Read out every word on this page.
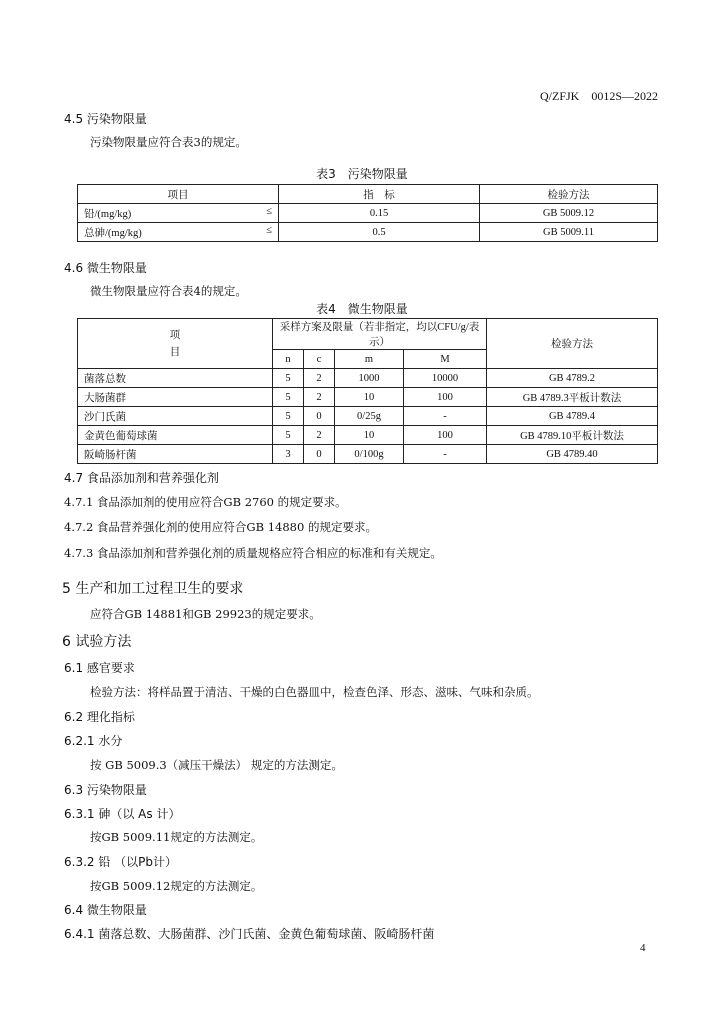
Q/ZFJK　0012S—2022
4.5 污染物限量
污染物限量应符合表3的规定。
表3　污染物限量
项目	指　标	检验方法
铅/(mg/kg) ≤	0.15	GB 5009.12
总砷/(mg/kg) ≤	0.5	GB 5009.11
4.6 微生物限量
微生物限量应符合表4的规定。
表4　微生物限量
项
目	采样方案及限量（若非指定，均以CFU/g/表示）				检验方法
	n	c	m	M	
菌落总数	5	2	1000	10000	GB 4789.2
大肠菌群	5	2	10	100	GB 4789.3平板计数法
沙门氏菌	5	0	0/25g	-	GB 4789.4
金黄色葡萄球菌	5	2	10	100	GB 4789.10平板计数法
阪崎肠杆菌	3	0	0/100g	-	GB 4789.40
4.7 食品添加剂和营养强化剂
4.7.1 食品添加剂的使用应符合GB 2760 的规定要求。
4.7.2 食品营养强化剂的使用应符合GB 14880 的规定要求。
4.7.3 食品添加剂和营养强化剂的质量规格应符合相应的标准和有关规定。
5 生产和加工过程卫生的要求
应符合GB 14881和GB 29923的规定要求。
6 试验方法
6.1 感官要求
检验方法：将样品置于清洁、干燥的白色器皿中，检查色泽、形态、滋味、气味和杂质。
6.2 理化指标
6.2.1 水分
按 GB 5009.3（减压干燥法） 规定的方法测定。
6.3 污染物限量
6.3.1 砷（以 As 计）
按GB 5009.11规定的方法测定。
6.3.2 铅 （以Pb计）
按GB 5009.12规定的方法测定。
6.4 微生物限量
6.4.1 菌落总数、大肠菌群、沙门氏菌、金黄色葡萄球菌、阪崎肠杆菌
4
